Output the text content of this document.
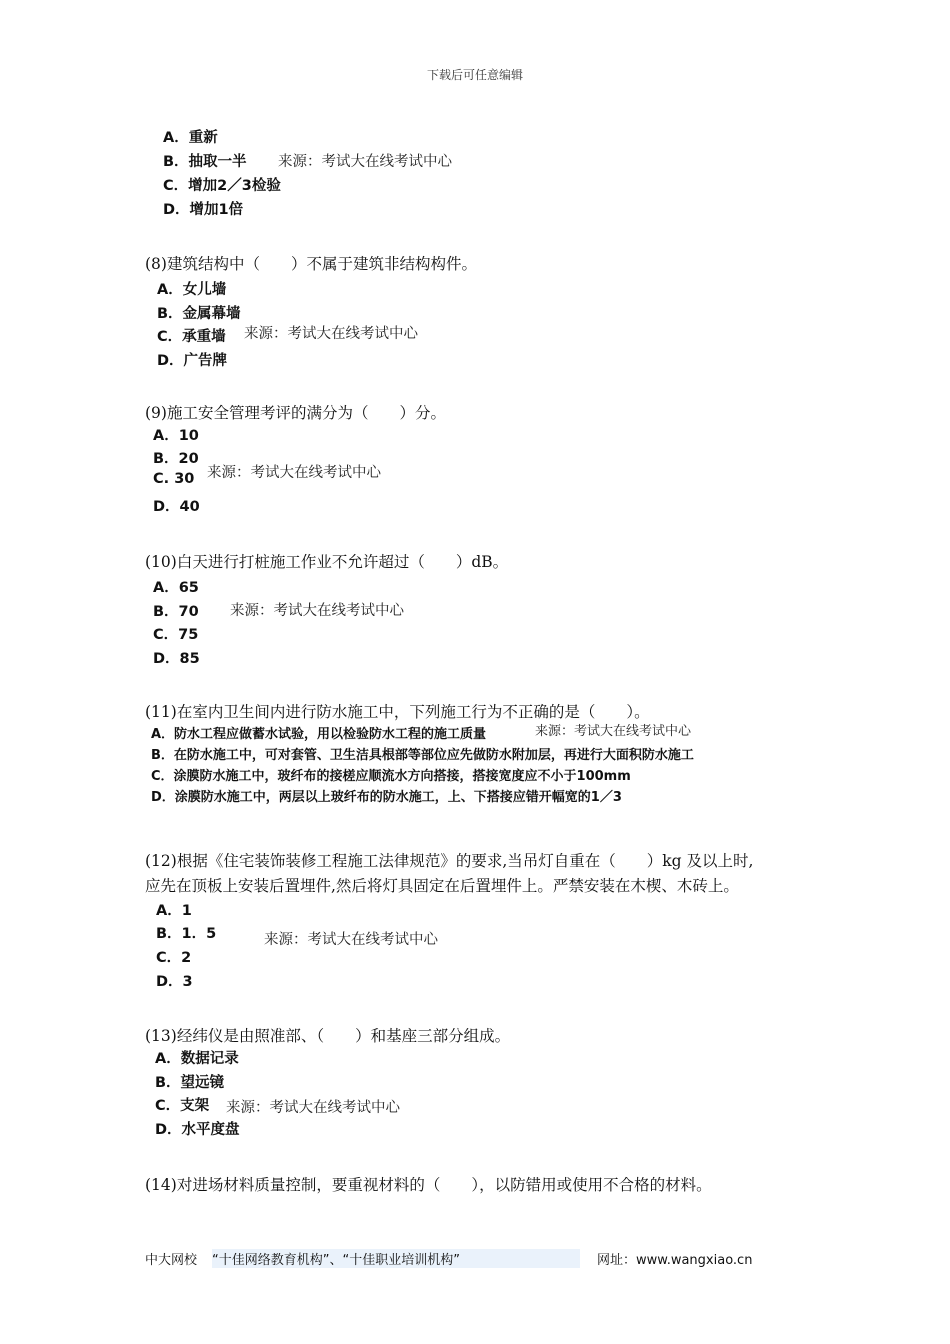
下载后可任意编辑
A．重新
B．抽取一半 来源：考试大在线考试中心
C．增加2／3检验
D．增加1倍
(8)建筑结构中（　　）不属于建筑非结构构件。
A．女儿墙
B．金属幕墙
C．承重墙 来源：考试大在线考试中心
D．广告牌
(9)施工安全管理考评的满分为（　　）分。
A．10
B．20
来源：考试大在线考试中心
C. 30
D．40
(10)白天进行打桩施工作业不允许超过（　　）dB。
A．65
B．70 来源：考试大在线考试中心
C．75
D．85
(11)在室内卫生间内进行防水施工中，下列施工行为不正确的是（　　）。
A．防水工程应做蓄水试验，用以检验防水工程的施工质量	来源：考试大在线考试中心
B．在防水施工中，可对套管、卫生洁具根部等部位应先做防水附加层，再进行大面积防水施工
C．涂膜防水施工中，玻纤布的接槎应顺流水方向搭接，搭接宽度应不小于100mm
D．涂膜防水施工中，两层以上玻纤布的防水施工，上、下搭接应错开幅宽的1／3
(12)根据《住宅装饰装修工程施工法律规范》的要求,当吊灯自重在（　　）kg 及以上时,
应先在顶板上安装后置埋件,然后将灯具固定在后置埋件上。严禁安装在木楔、木砖上。
A．1
B．1．5	来源：考试大在线考试中心
C．2
D．3
(13)经纬仪是由照准部、（　　）和基座三部分组成。
A．数据记录
B．望远镜
C．支架 来源：考试大在线考试中心
D．水平度盘
(14)对进场材料质量控制，要重视材料的（　　），以防错用或使用不合格的材料。
中大网校 “十佳网络教育机构”、“十佳职业培训机构”	网址：www.wangxiao.cn
